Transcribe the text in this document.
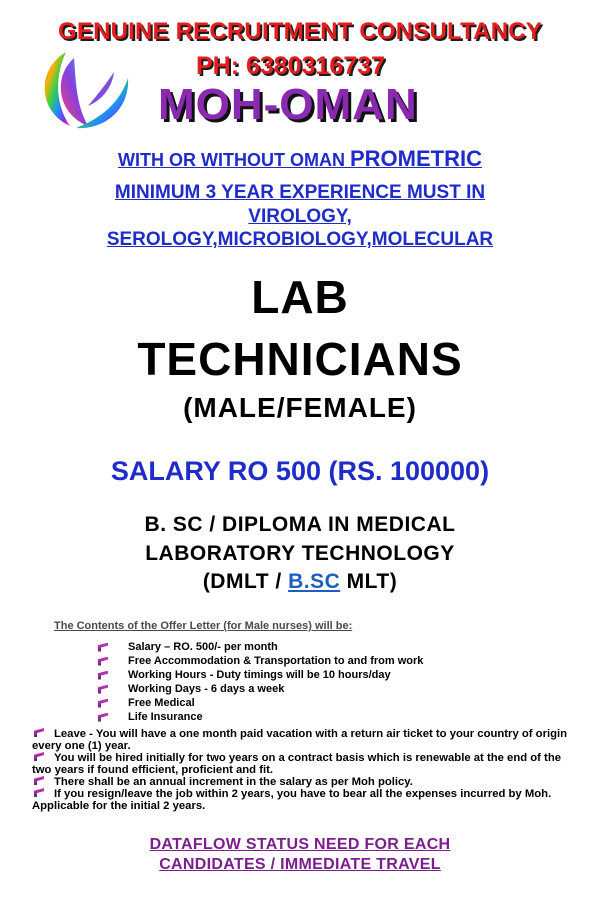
GENUINE RECRUITMENT CONSULTANCY
PH: 6380316737
MOH-OMAN
WITH OR WITHOUT OMAN PROMETRIC
MINIMUM 3 YEAR EXPERIENCE MUST IN
VIROLOGY,
SEROLOGY,MICROBIOLOGY,MOLECULAR
LAB
TECHNICIANS
(MALE/FEMALE)
SALARY RO 500 (RS. 100000)
B. SC / DIPLOMA IN MEDICAL
LABORATORY TECHNOLOGY
(DMLT / B.SC MLT)
The Contents of the Offer Letter (for Male nurses) will be:
Salary – RO. 500/- per month
Free Accommodation & Transportation to and from work
Working Hours - Duty timings will be 10 hours/day
Working Days - 6 days a week
Free Medical
Life Insurance
Leave - You will have a one month paid vacation with a return air ticket to your country of origin every one (1) year.
You will be hired initially for two years on a contract basis which is renewable at the end of the two years if found efficient, proficient and fit.
There shall be an annual increment in the salary as per Moh policy.
If you resign/leave the job within 2 years, you have to bear all the expenses incurred by Moh. Applicable for the initial 2 years.
DATAFLOW STATUS NEED FOR EACH
CANDIDATES / IMMEDIATE TRAVEL
